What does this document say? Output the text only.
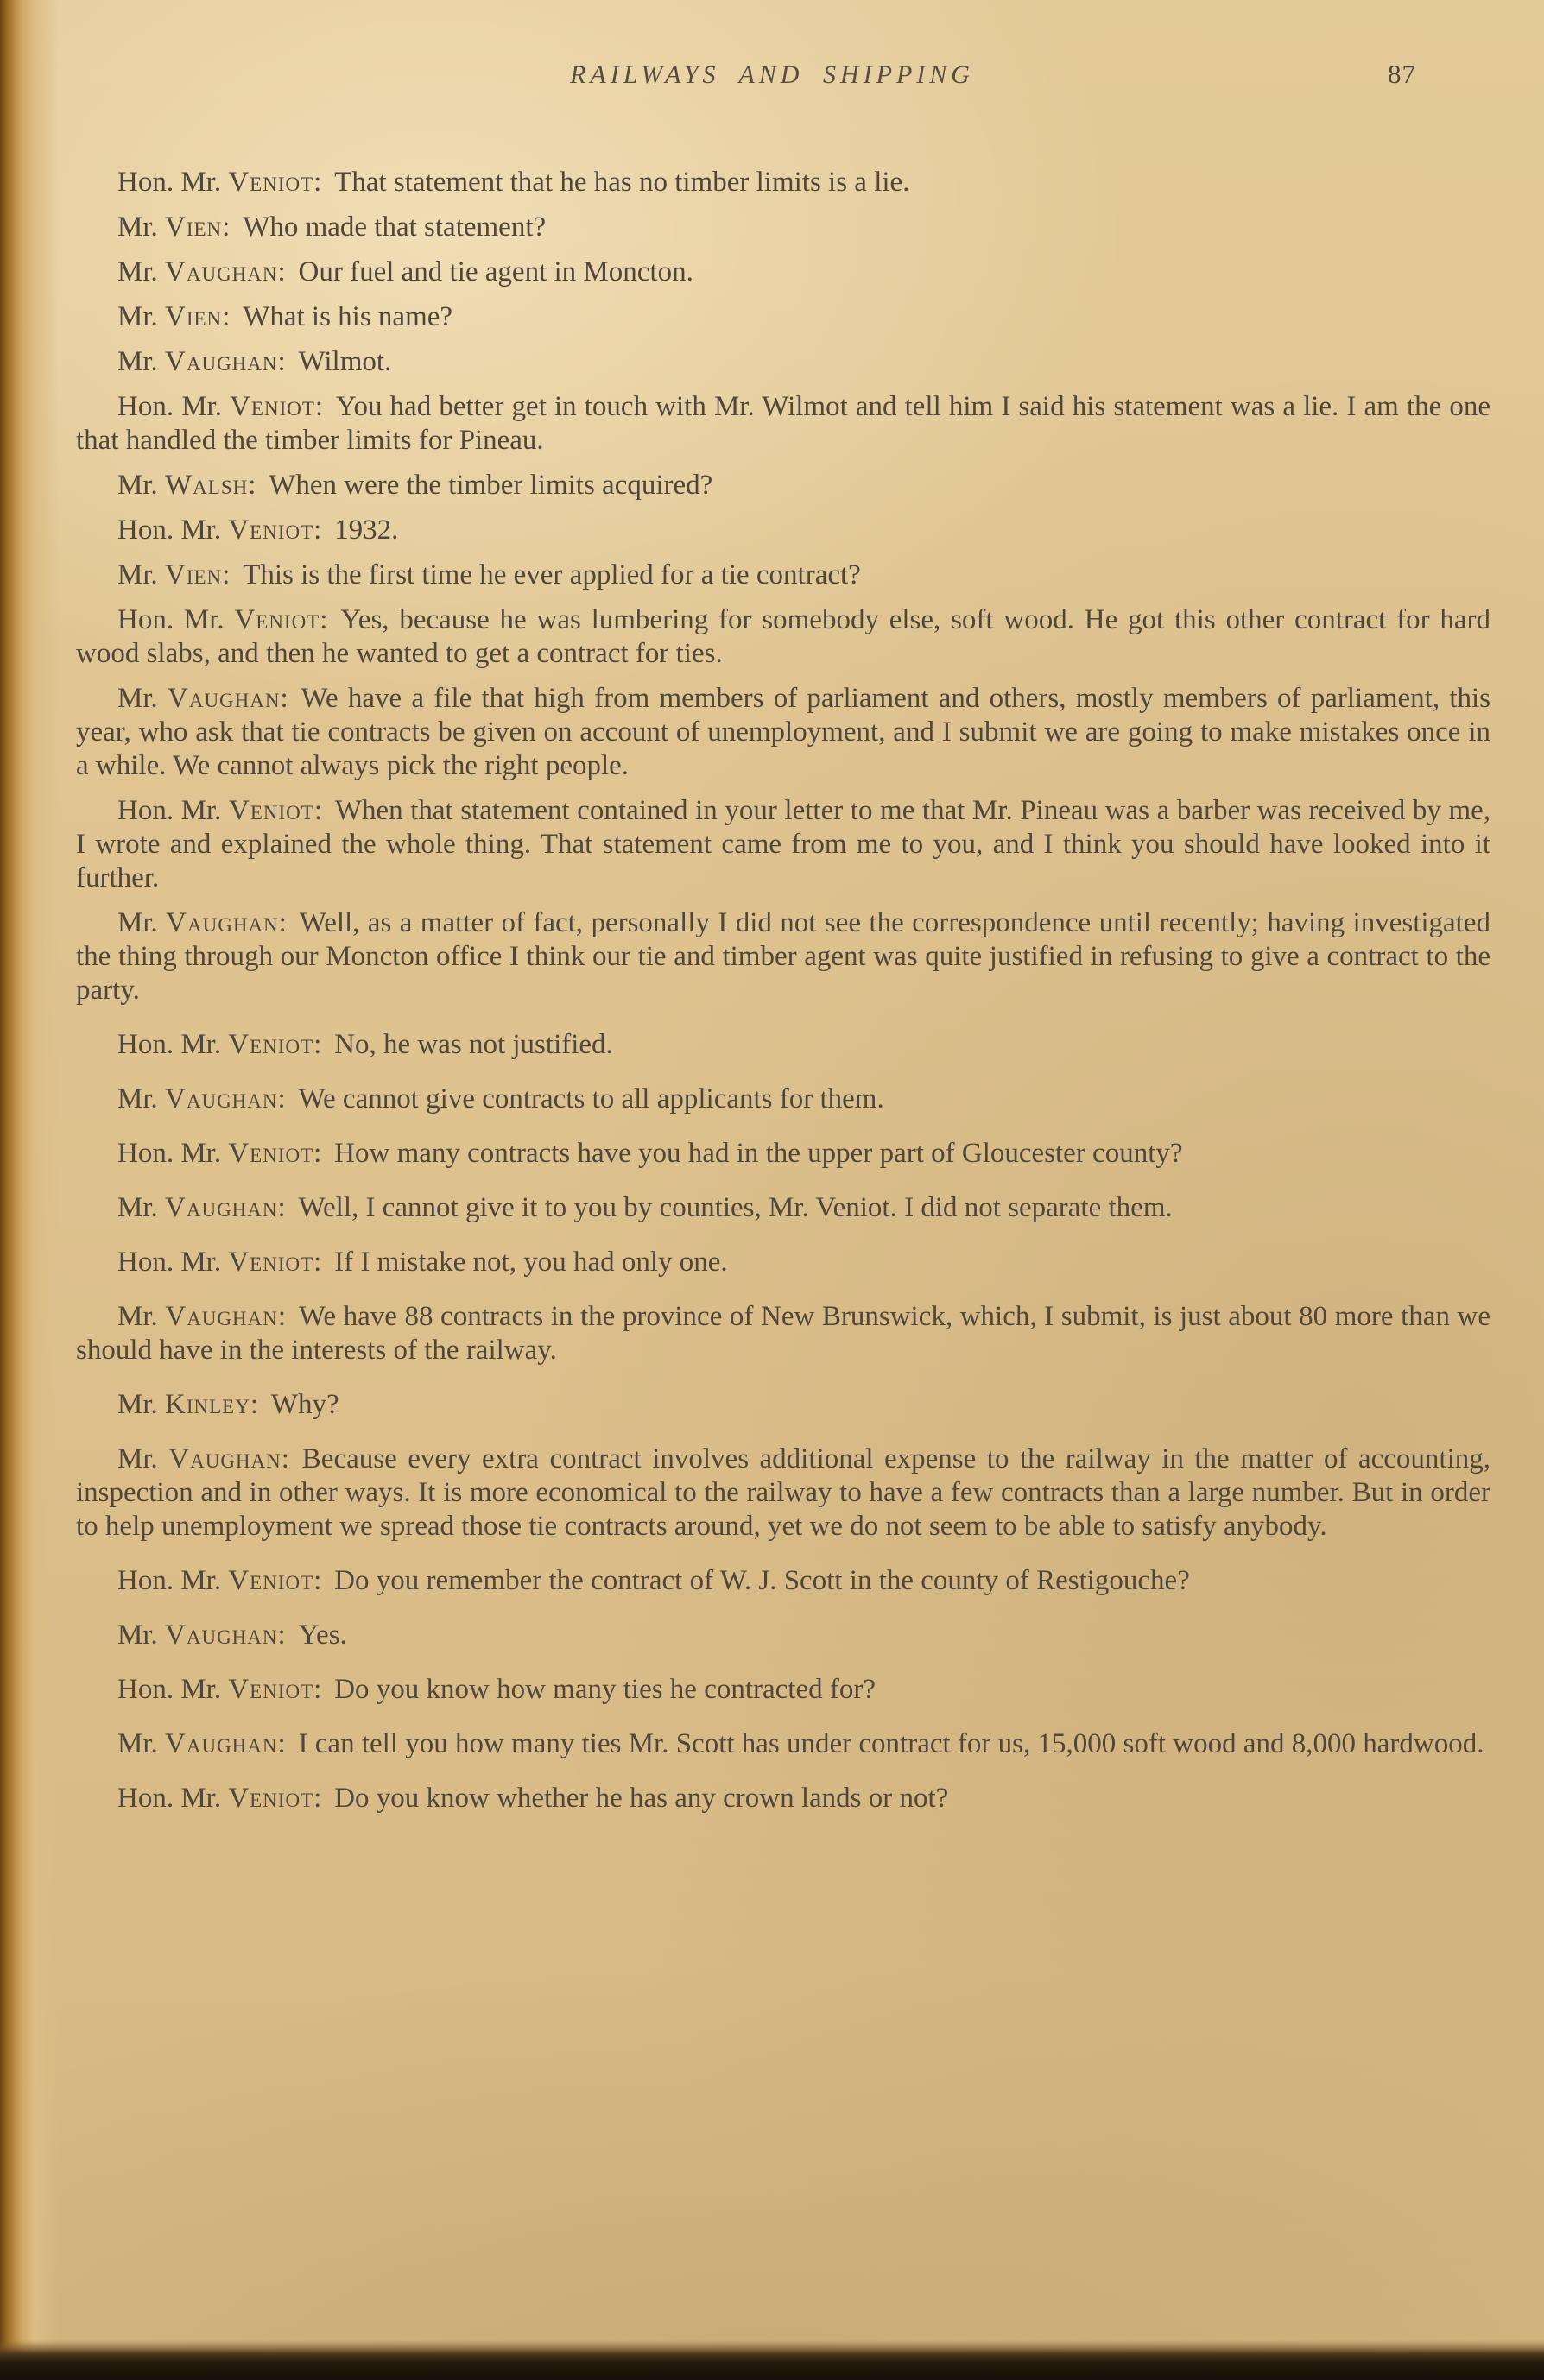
RAILWAYS AND SHIPPING	87

Hon. Mr. Veniot: That statement that he has no timber limits is a lie.

Mr. Vien: Who made that statement?

Mr. Vaughan: Our fuel and tie agent in Moncton.

Mr. Vien: What is his name?

Mr. Vaughan: Wilmot.

Hon. Mr. Veniot: You had better get in touch with Mr. Wilmot and tell him I said his statement was a lie. I am the one that handled the timber limits for Pineau.

Mr. Walsh: When were the timber limits acquired?

Hon. Mr. Veniot: 1932.

Mr. Vien: This is the first time he ever applied for a tie contract?

Hon. Mr. Veniot: Yes, because he was lumbering for somebody else, soft wood. He got this other contract for hard wood slabs, and then he wanted to get a contract for ties.

Mr. Vaughan: We have a file that high from members of parliament and others, mostly members of parliament, this year, who ask that tie contracts be given on account of unemployment, and I submit we are going to make mistakes once in a while. We cannot always pick the right people.

Hon. Mr. Veniot: When that statement contained in your letter to me that Mr. Pineau was a barber was received by me, I wrote and explained the whole thing. That statement came from me to you, and I think you should have looked into it further.

Mr. Vaughan: Well, as a matter of fact, personally I did not see the correspondence until recently; having investigated the thing through our Moncton office I think our tie and timber agent was quite justified in refusing to give a contract to the party.

Hon. Mr. Veniot: No, he was not justified.

Mr. Vaughan: We cannot give contracts to all applicants for them.

Hon. Mr. Veniot: How many contracts have you had in the upper part of Gloucester county?

Mr. Vaughan: Well, I cannot give it to you by counties, Mr. Veniot. I did not separate them.

Hon. Mr. Veniot: If I mistake not, you had only one.

Mr. Vaughan: We have 88 contracts in the province of New Brunswick, which, I submit, is just about 80 more than we should have in the interests of the railway.

Mr. Kinley: Why?

Mr. Vaughan: Because every extra contract involves additional expense to the railway in the matter of accounting, inspection and in other ways. It is more economical to the railway to have a few contracts than a large number. But in order to help unemployment we spread those tie contracts around, yet we do not seem to be able to satisfy anybody.

Hon. Mr. Veniot: Do you remember the contract of W. J. Scott in the county of Restigouche?

Mr. Vaughan: Yes.

Hon. Mr. Veniot: Do you know how many ties he contracted for?

Mr. Vaughan: I can tell you how many ties Mr. Scott has under contract for us, 15,000 soft wood and 8,000 hardwood.

Hon. Mr. Veniot: Do you know whether he has any crown lands or not?
